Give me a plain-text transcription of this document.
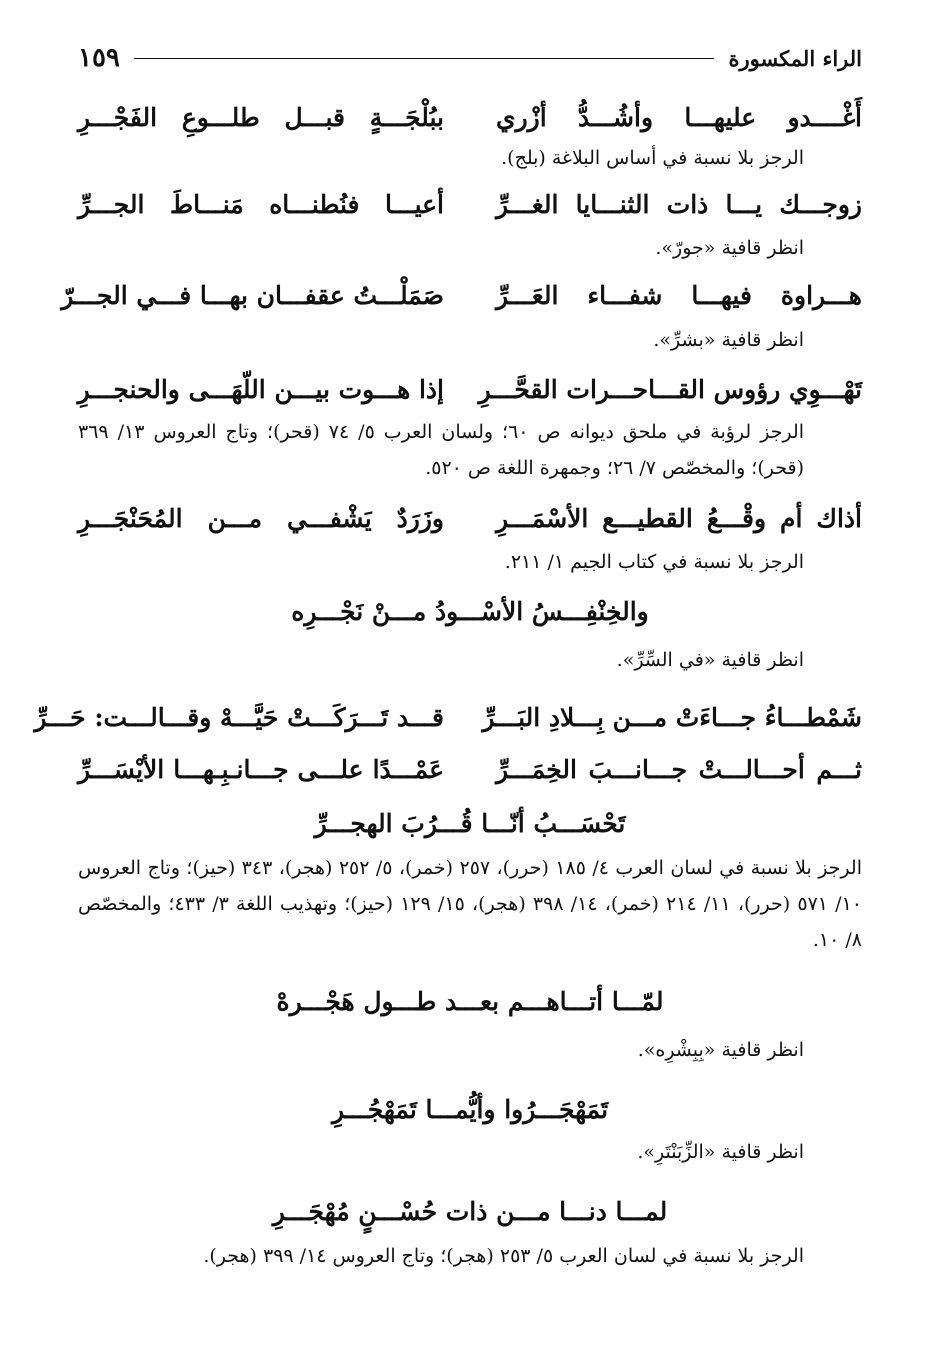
الراء المكسورة
١٥٩
أَغْــــدو عليهـــا وأشُـــدُّ أزْري
ببُلْجَـــةٍ قبـــل طلـــوعِ الفَجْـــرِ
الرجز بلا نسبة في أساس البلاغة (بلج).
زوجـــك يـــا ذات الثنـــايا الغـــرِّ
أعيـــا فنُطنـــاه مَنـــاطَ الجـــرِّ
انظر قافية «جورّ».
هـــراوة فيهـــا شفـــاء العَـــرِّ
صَمَلْـــتُ عقفـــان بهـــا فـــي الجـــرّ
انظر قافية «بشرِّ».
تَهْـــوِي رؤوس القـــاحـــرات القحَّـــرِ
إذا هـــوت بيـــن اللّهَـــى والحنجـــرِ
الرجز لرؤبة في ملحق ديوانه ص ٦٠؛ ولسان العرب ٥/ ٧٤ (قحر)؛ وتاج العروس ١٣/ ٣٦٩ (قحر)؛ والمخصّص ٧/ ٢٦؛ وجمهرة اللغة ص ٥٢٠.
أذاك أم وقْـــعُ القطيـــع الأسْمَـــرِ
وزَرَدٌ يَشْفـــي مـــن المُحَنْجَـــرِ
الرجز بلا نسبة في كتاب الجيم ١/ ٢١١.
والخِنْفِـــسُ الأسْـــودُ مـــنْ نَجْـــرِه
انظر قافية «في السِّرِّ».
شَمْطـــاءُ جـــاءَتْ مـــن بِـــلادِ البَـــرِّ
قـــد تَـــرَكَـــتْ حَيَّـــهْ وقـــالـــت: حَـــرِّ
ثـــم أحـــالـــتْ جـــانـــبَ الخِمَـــرِّ
عَمْـــدًا علـــى جـــانـبِـهـــا الأيْسَـــرِّ
تَحْسَـــبُ أنّـــا قُـــرُبَ الهجـــرِّ
الرجز بلا نسبة في لسان العرب ٤/ ١٨٥ (حرر)، ٢٥٧ (خمر)، ٥/ ٢٥٢ (هجر)، ٣٤٣ (حيز)؛ وتاج العروس ١٠/ ٥٧١ (حرر)، ١١/ ٢١٤ (خمر)، ١٤/ ٣٩٨ (هجر)، ١٥/ ١٢٩ (حيز)؛ وتهذيب اللغة ٣/ ٤٣٣؛ والمخصّص ٨/ ١٠.
لمّـــا أتـــاهـــم بعـــد طـــول هَجْـــرهْ
انظر قافية «بِبِشْرِه».
تَمَهْجَـــرُوا وأيُّمـــا تَمَهْجُـــرِ
انظر قافية «الزِّبَنْتَرِ».
لمـــا دنـــا مـــن ذات حُسْـــنٍ مُهْجَـــرِ
الرجز بلا نسبة في لسان العرب ٥/ ٢٥٣ (هجر)؛ وتاج العروس ١٤/ ٣٩٩ (هجر).
